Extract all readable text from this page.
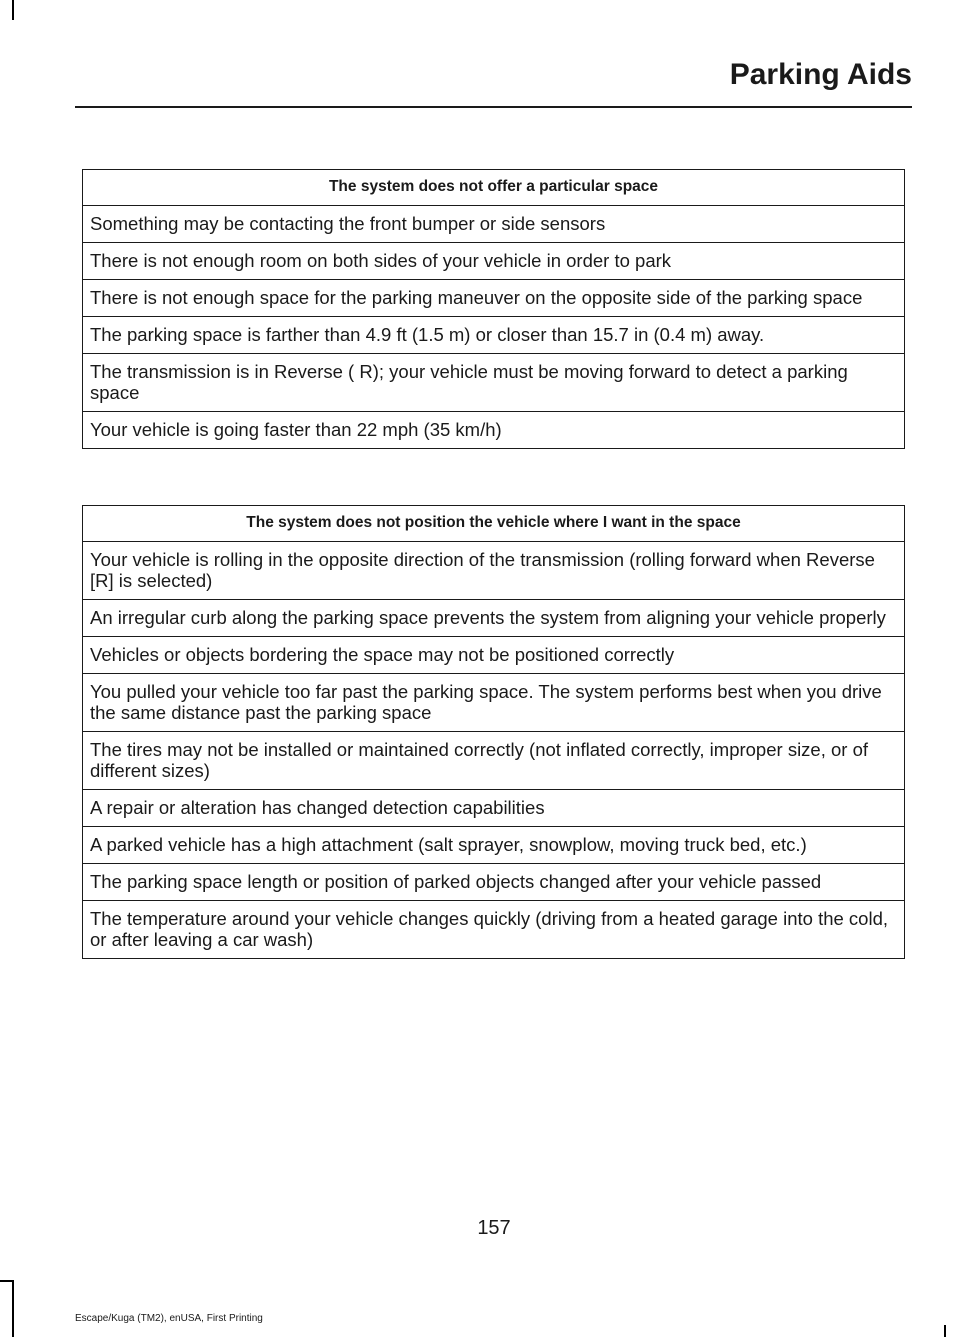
Parking Aids
The system does not offer a particular space
Something may be contacting the front bumper or side sensors
There is not enough room on both sides of your vehicle in order to park
There is not enough space for the parking maneuver on the opposite side of the parking space
The parking space is farther than 4.9 ft (1.5 m) or closer than 15.7 in (0.4 m) away.
The transmission is in Reverse ( R); your vehicle must be moving forward to detect a parking space
Your vehicle is going faster than 22 mph (35 km/h)
The system does not position the vehicle where I want in the space
Your vehicle is rolling in the opposite direction of the transmission (rolling forward when Reverse [R] is selected)
An irregular curb along the parking space prevents the system from aligning your vehicle properly
Vehicles or objects bordering the space may not be positioned correctly
You pulled your vehicle too far past the parking space. The system performs best when you drive the same distance past the parking space
The tires may not be installed or maintained correctly (not inflated correctly, improper size, or of different sizes)
A repair or alteration has changed detection capabilities
A parked vehicle has a high attachment (salt sprayer, snowplow, moving truck bed, etc.)
The parking space length or position of parked objects changed after your vehicle passed
The temperature around your vehicle changes quickly (driving from a heated garage into the cold, or after leaving a car wash)
157
Escape/Kuga (TM2), enUSA, First Printing
